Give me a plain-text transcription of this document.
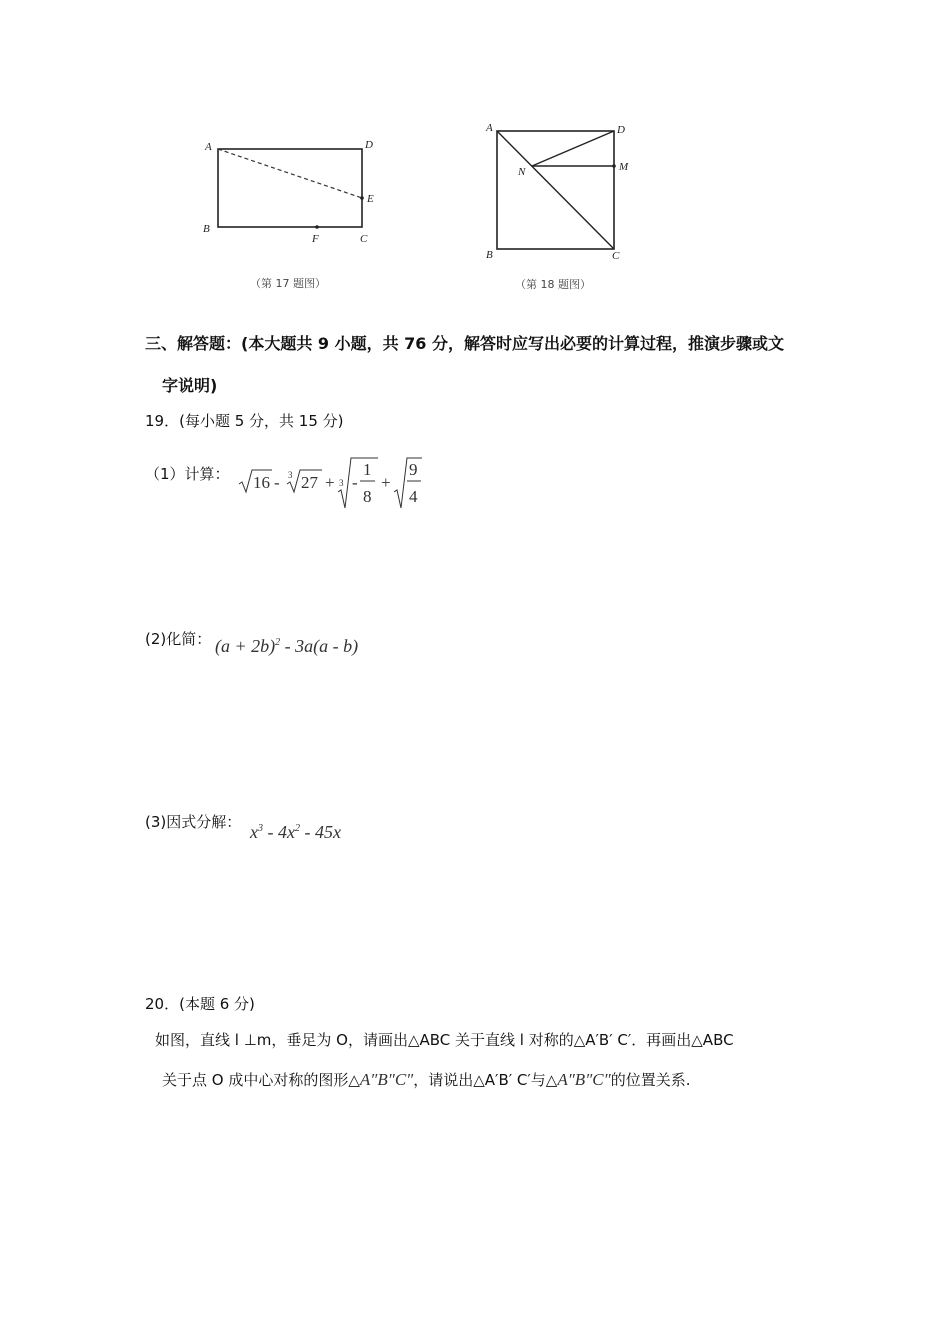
A	D
E
B
F	C
（第 17 题图）
A	D
M
N
B	C
（第 18 题图）
三、解答题：(本大题共 9 小题，共 76 分，解答时应写出必要的计算过程，推演步骤或文
字说明)
19．(每小题 5 分，共 15 分)
（1）计算： 16 - 3 27 + 3 -
1
8
+
9
4
(2)化简： $(a + 2b)^2 - 3a(a - b)$
(3)因式分解： $x^3 - 4x^2 - 45x$
20．(本题 6 分)
如图，直线 l ⊥m，垂足为 O，请画出△ABC 关于直线 l 对称的△A′B′ C′．再画出△ABC
关于点 O 成中心对称的图形△A″B″C″，请说出△A′B′ C′与△A″B″C″的位置关系.
